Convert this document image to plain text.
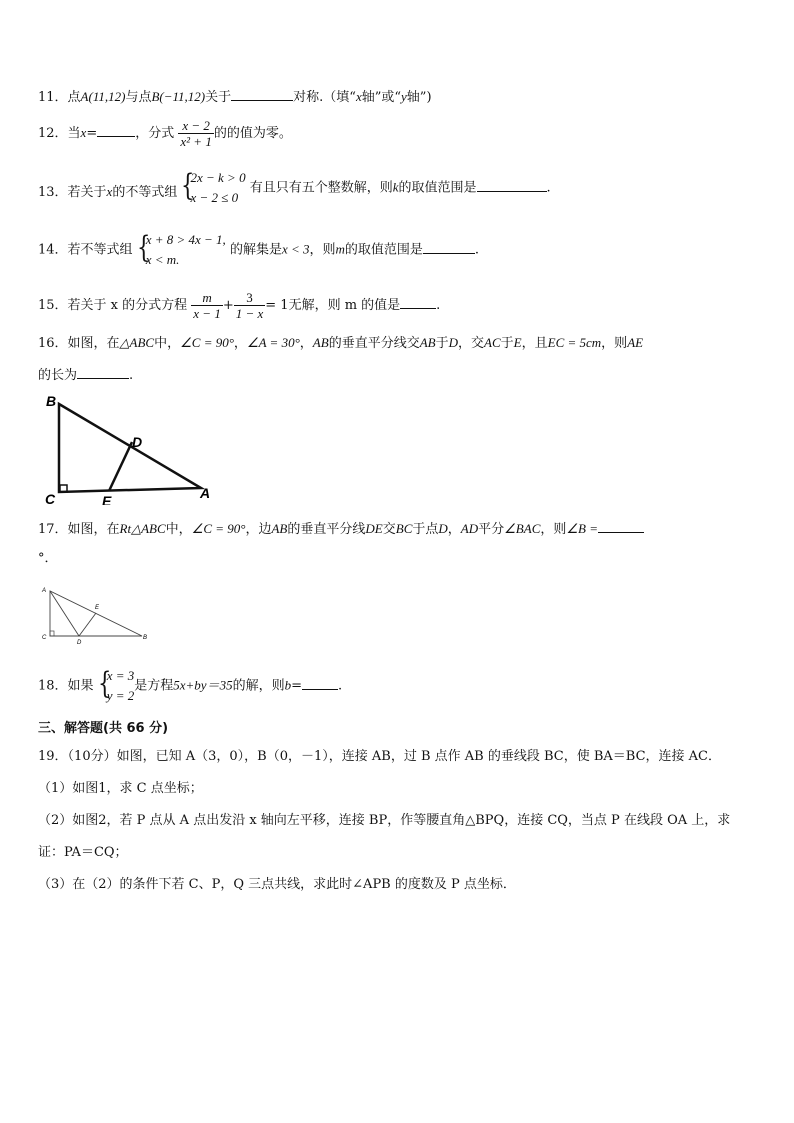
11．点A(11,12)与点B(−11,12)关于	对称.（填“x轴”或“y轴”)
12．当x=	，分式 $\frac{x - 2}{\text{x² + 1}}$ 的的值为零。
13．若关于x的不等式组 {
2x − k > 0
x − 2 ≤ 0
有且只有五个整数解，则k的取值范围是	.
14．若不等式组 {
x + 8 > 4x − 1,
x < m.
的解集是x < 3，则m的取值范围是	.
15．若关于 x 的分式方程 $\frac{m}{x - 1} + \frac{3}{1 - x} = 1$无解，则 m 的值是	.
16．如图，在△ABC中，∠C = 90°，∠A = 30°，AB的垂直平分线交AB于D，交AC于E，且EC = 5cm，则AE
的长为	.
B
C
D
E	A
17．如图，在Rt△ABC中，∠C = 90°，边AB的垂直平分线DE交BC于点D，AD平分∠BAC，则∠B =
°．
A
C
D
E
B
18．如果 {
x = 3
y = 2
是方程5x+by＝35的解，则b=	.
三、解答题(共 66 分)
19．（10分）如图，已知 A（3，0），B（0，－1），连接 AB，过 B 点作 AB 的垂线段 BC，使 BA＝BC，连接 AC．
（1）如图1，求 C 点坐标；
（2）如图2，若 P 点从 A 点出发沿 x 轴向左平移，连接 BP，作等腰直角△BPQ，连接 CQ，当点 P 在线段 OA 上，求
证：PA＝CQ；
（3）在（2）的条件下若 C、P，Q 三点共线，求此时∠APB 的度数及 P 点坐标．
